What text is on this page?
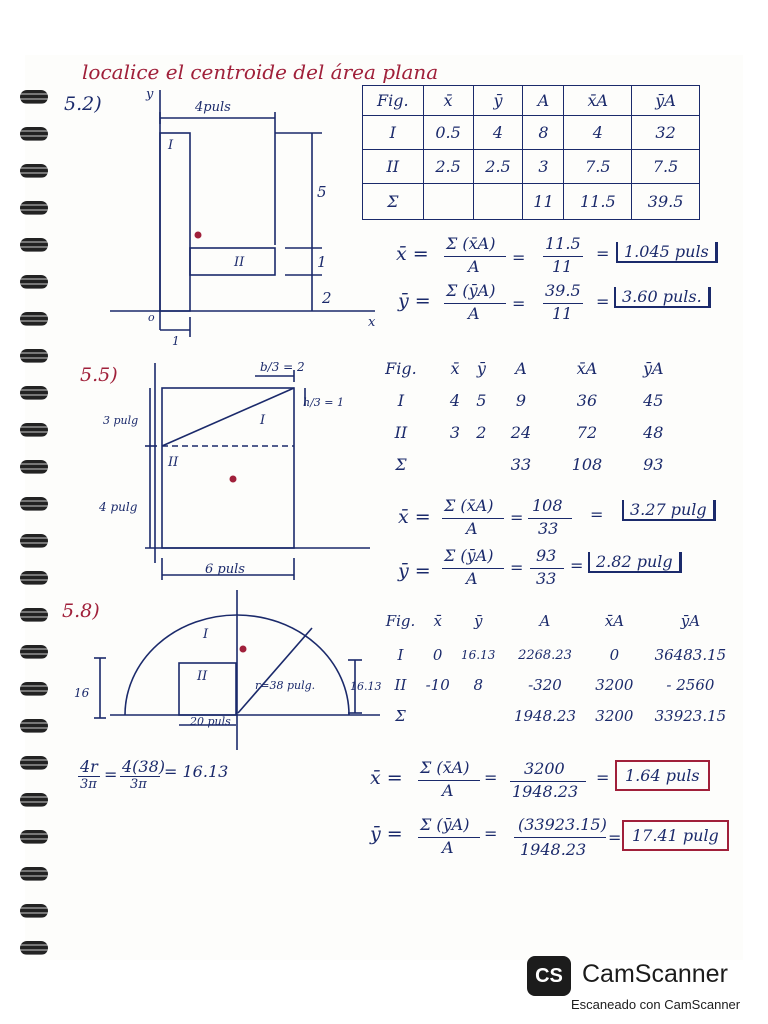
localice el centroide del área plana
5.2)	4puls
5
1
2
1
I
II
y
x
o
Fig.	x̄	ȳ	A	x̄A	ȳA
I	0.5	4	8	4	32
II	2.5	2.5	3	7.5	7.5
Σ			11	11.5	39.5
x̄ = Σ (x̄A)
A =
11.5
11
= 1.045 puls
ȳ = Σ (ȳA)
A
=
39.5
11
= 3.60 puls.
5.5)	b/3 = 2
h/3 = 1
3 pulg
4 pulg
6 puls
I
II
Fig.	x̄	ȳ	A	x̄A	ȳA
I	4	5	9	36	45
II	3	2	24	72	48
Σ			33	108	93
x̄ =
Σ (x̄A)
A
=
108
33
=	3.27 pulg
ȳ =
Σ (ȳA)
A
=
93
33
= 2.82 pulg
5.8)
I
II
r=38 pulg.
16	16.13
20 puls
4r
3π
= 4(38)
3π
= 16.13
Fig.	x̄	ȳ	A	x̄A	ȳA
I	0	16.13	2268.23	0	36483.15
II	-10	8	-320	3200	- 2560
Σ			1948.23	3200	33923.15
x̄ = Σ (x̄A)
A
= 3200
1948.23
= 1.64 puls
ȳ = Σ (ȳA)
A
= (33923.15)
1948.23
= 17.41 pulg
CS CamScanner
Escaneado con CamScanner
